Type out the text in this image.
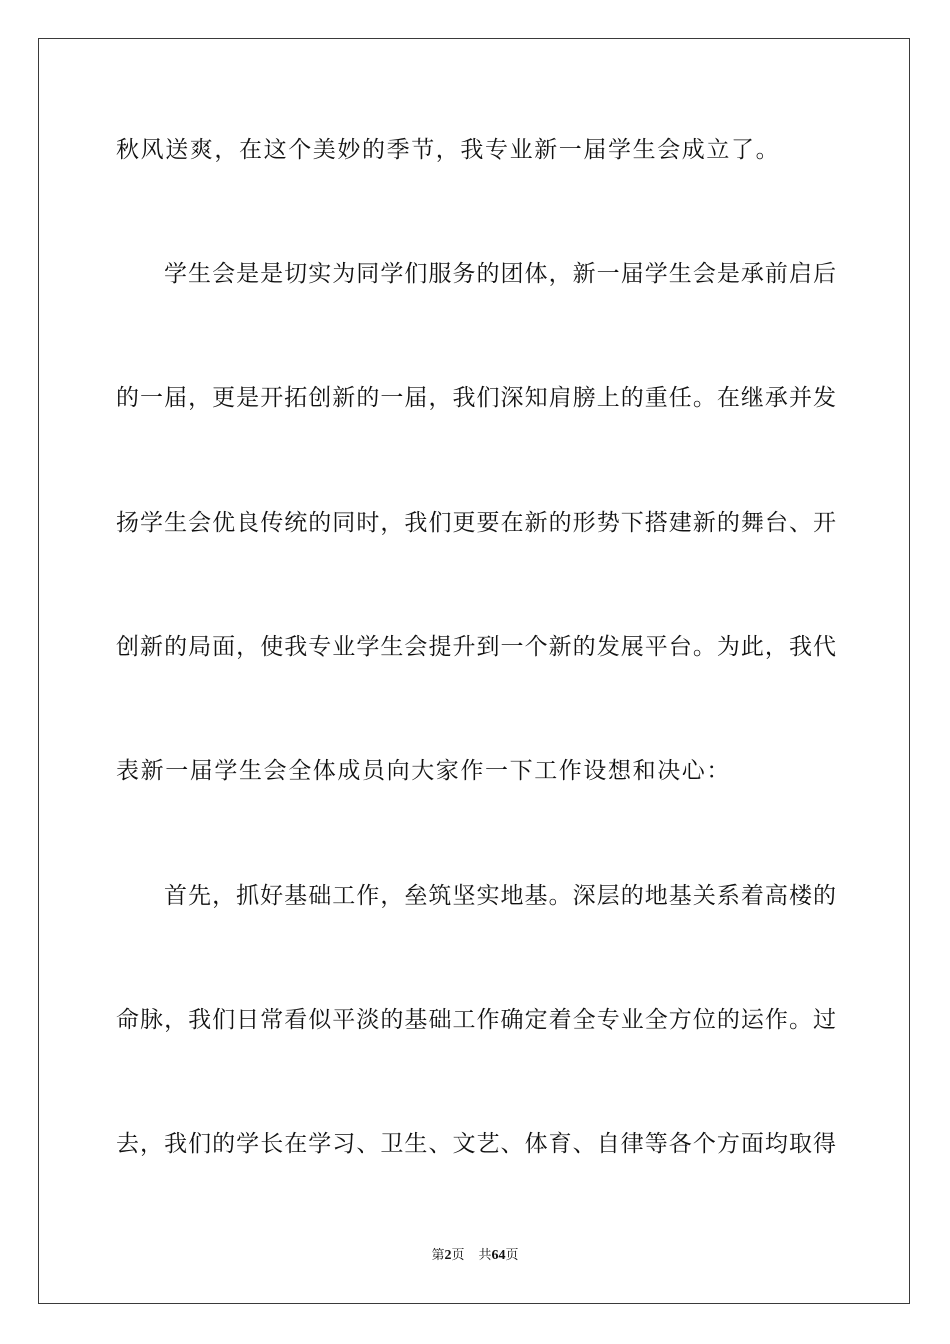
秋风送爽，在这个美妙的季节，我专业新一届学生会成立了。
学生会是是切实为同学们服务的团体，新一届学生会是承前启后
的一届，更是开拓创新的一届，我们深知肩膀上的重任。在继承并发
扬学生会优良传统的同时，我们更要在新的形势下搭建新的舞台、开
创新的局面，使我专业学生会提升到一个新的发展平台。为此，我代
表新一届学生会全体成员向大家作一下工作设想和决心：
首先，抓好基础工作，垒筑坚实地基。深层的地基关系着高楼的
命脉，我们日常看似平淡的基础工作确定着全专业全方位的运作。过
去，我们的学长在学习、卫生、文艺、体育、自律等各个方面均取得
第2页 共64页
